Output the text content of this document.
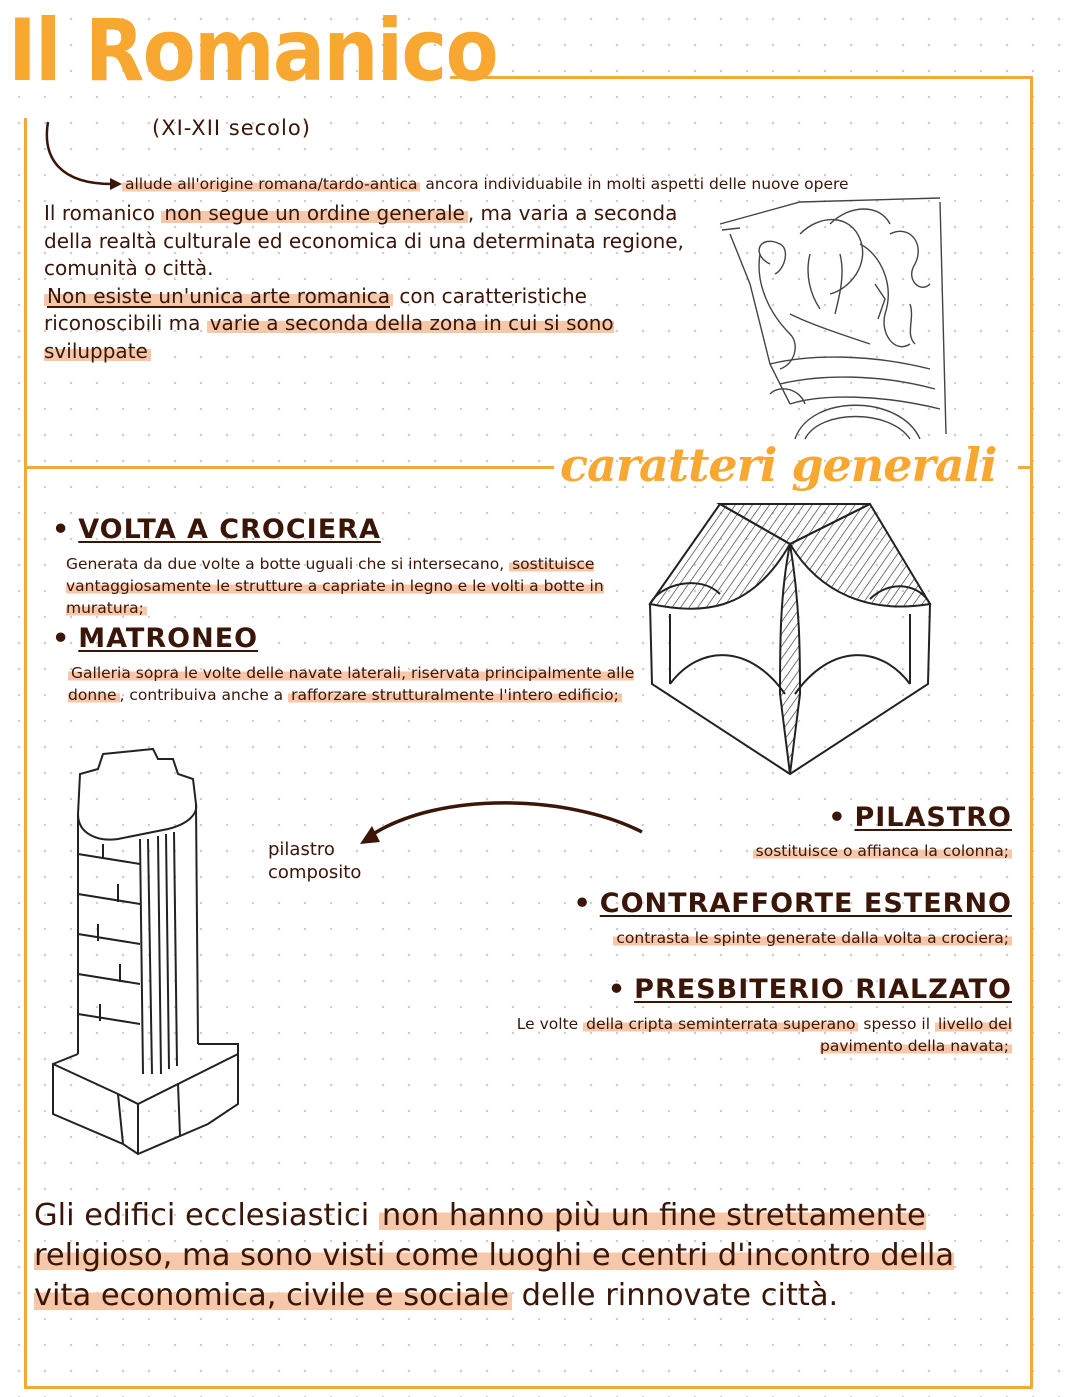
Il Romanico
(XI-XII secolo)
allude all'origine romana/tardo-antica ancora individuabile in molti aspetti delle nuove opere
Il romanico non segue un ordine generale , ma varia a seconda della realtà culturale ed economica di una determinata regione, comunità o città.
Non esiste un'unica arte romanica con caratteristiche riconoscibili ma varie a seconda della zona in cui si sono sviluppate
caratteri generali
• VOLTA A CROCIERA
Generata da due volte a botte uguali che si intersecano, sostituisce vantaggiosamente le strutture a capriate in legno e le volti a botte in muratura;
• MATRONEO
Galleria sopra le volte delle navate laterali, riservata principalmente alle donne , contribuiva anche a rafforzare strutturalmente l'intero edificio;
pilastro
composito
• PILASTRO
sostituisce o affianca la colonna;
• CONTRAFFORTE ESTERNO
contrasta le spinte generate dalla volta a crociera;
• PRESBITERIO RIALZATO
Le volte della cripta seminterrata superano spesso il livello del pavimento della navata;
Gli edifici ecclesiastici non hanno più un fine strettamente religioso, ma sono visti come luoghi e centri d'incontro della vita economica, civile e sociale delle rinnovate città.
